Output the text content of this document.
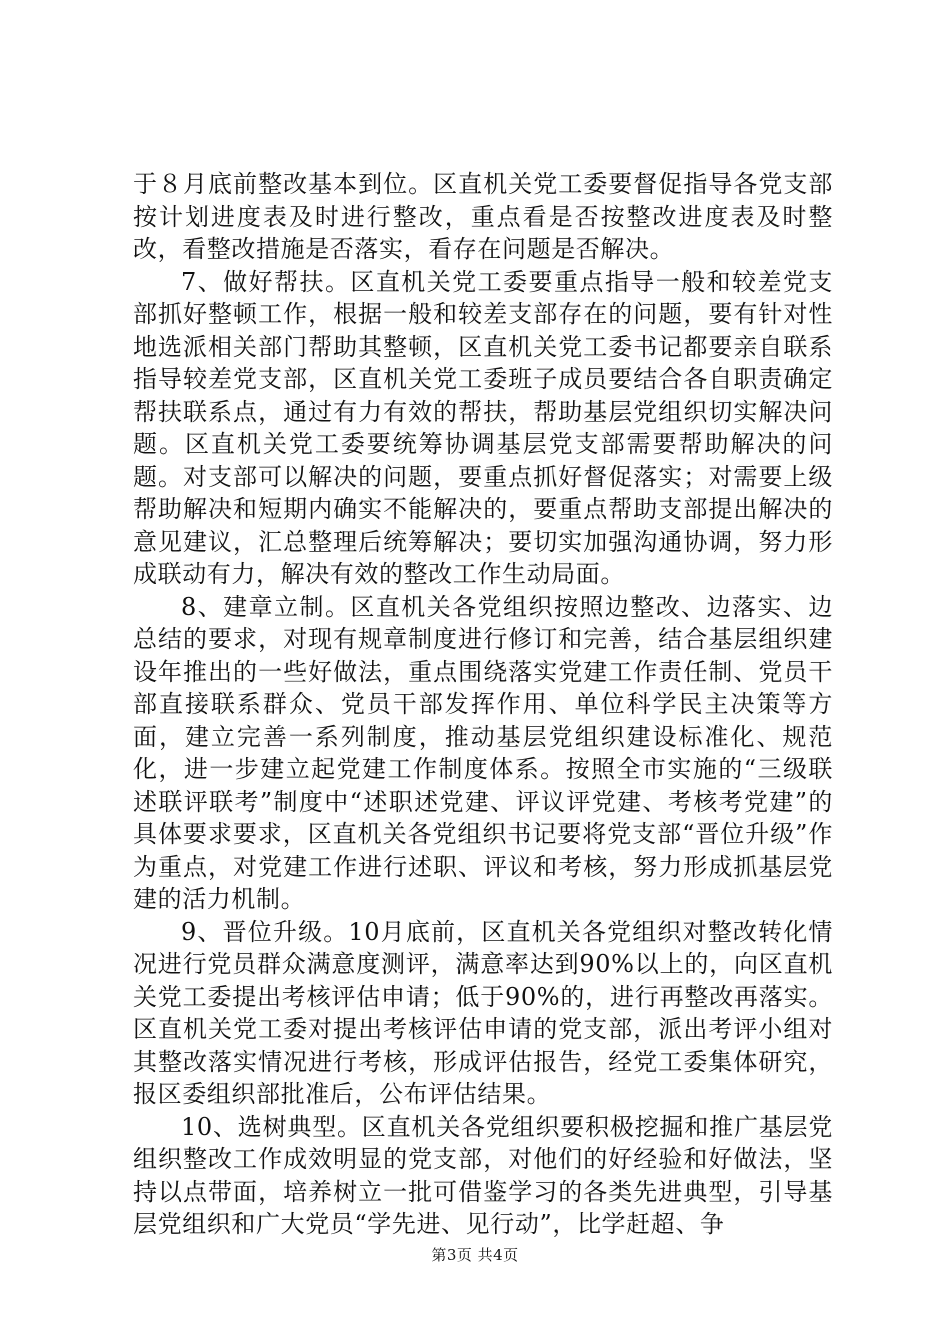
于８月底前整改基本到位。区直机关党工委要督促指导各党支部按计划进度表及时进行整改，重点看是否按整改进度表及时整改，看整改措施是否落实，看存在问题是否解决。

7、做好帮扶。区直机关党工委要重点指导一般和较差党支部抓好整顿工作，根据一般和较差支部存在的问题，要有针对性地选派相关部门帮助其整顿，区直机关党工委书记都要亲自联系指导较差党支部，区直机关党工委班子成员要结合各自职责确定帮扶联系点，通过有力有效的帮扶，帮助基层党组织切实解决问题。区直机关党工委要统筹协调基层党支部需要帮助解决的问题。对支部可以解决的问题，要重点抓好督促落实；对需要上级帮助解决和短期内确实不能解决的，要重点帮助支部提出解决的意见建议，汇总整理后统筹解决；要切实加强沟通协调，努力形成联动有力，解决有效的整改工作生动局面。

8、建章立制。区直机关各党组织按照边整改、边落实、边总结的要求，对现有规章制度进行修订和完善，结合基层组织建设年推出的一些好做法，重点围绕落实党建工作责任制、党员干部直接联系群众、党员干部发挥作用、单位科学民主决策等方面，建立完善一系列制度，推动基层党组织建设标准化、规范化，进一步建立起党建工作制度体系。按照全市实施的“三级联述联评联考”制度中“述职述党建、评议评党建、考核考党建”的具体要求要求，区直机关各党组织书记要将党支部“晋位升级”作为重点，对党建工作进行述职、评议和考核，努力形成抓基层党建的活力机制。

9、晋位升级。10月底前，区直机关各党组织对整改转化情况进行党员群众满意度测评，满意率达到90%以上的，向区直机关党工委提出考核评估申请；低于90%的，进行再整改再落实。区直机关党工委对提出考核评估申请的党支部，派出考评小组对其整改落实情况进行考核，形成评估报告，经党工委集体研究，报区委组织部批准后，公布评估结果。

10、选树典型。区直机关各党组织要积极挖掘和推广基层党组织整改工作成效明显的党支部，对他们的好经验和好做法，坚持以点带面，培养树立一批可借鉴学习的各类先进典型，引导基层党组织和广大党员“学先进、见行动”，比学赶超、争

第3页 共4页
